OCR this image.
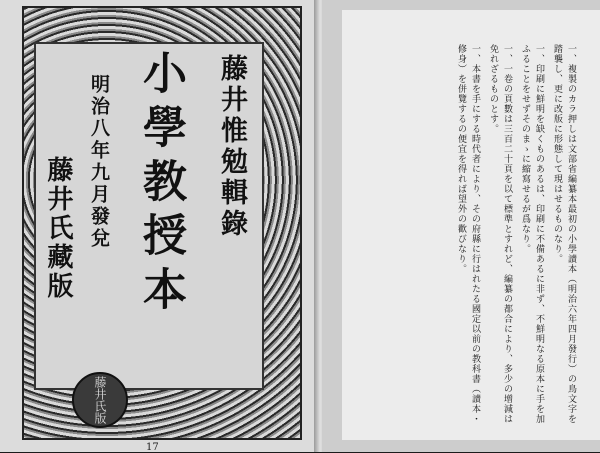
藤井惟勉輯錄
小學教授本
明治八年九月發兌
藤井氏藏版
藤井氏版
17
一、複製のカラ押しは文部省編纂本最初の小學讀本（明治六年四月發行）の鳥文字を踏襲し、更に改版に形態して現はせるものなり。
一、印刷に鮮明を缺くものあるは、印刷に不備あるに非ず、不鮮明なる原本に手を加ふることをせずそのまゝに縮寫せるが爲なり。
一、一卷の頁數は三百二十頁を以て標準とすれど、編纂の都合により、多少の增減は免れざるものとす。
一、本書を手にする時代者により、その府縣に行はれたる國定以前の教科書（讀本・修身）を併覽するの便宜を得れば望外の歡びなり。
